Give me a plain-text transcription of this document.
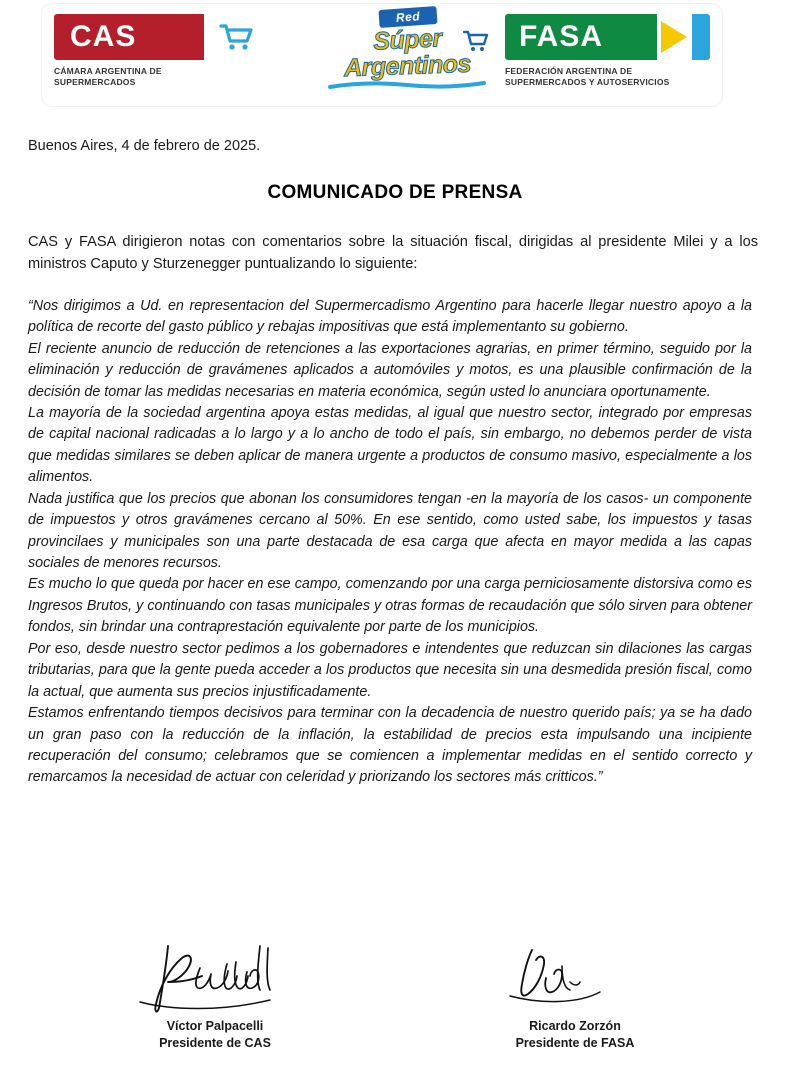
CAS
CÁMARA ARGENTINA DE
SUPERMERCADOS
Red
Súper
Argentinos
FASA
FEDERACIÓN ARGENTINA DE
SUPERMERCADOS Y AUTOSERVICIOS
Buenos Aires, 4 de febrero de 2025.
COMUNICADO DE PRENSA
CAS y FASA dirigieron notas con comentarios sobre la situación fiscal, dirigidas al presidente Milei y a los ministros Caputo y Sturzenegger puntualizando lo siguiente:

“Nos dirigimos a Ud. en representacion del Supermercadismo Argentino para hacerle llegar nuestro apoyo a la política de recorte del gasto público y rebajas impositivas que está implementanto su gobierno.

El reciente anuncio de reducción de retenciones a las exportaciones agrarias, en primer término, seguido por la eliminación y reducción de gravámenes aplicados a automóviles y motos, es una plausible confirmación de la decisión de tomar las medidas necesarias en materia económica, según usted lo anunciara oportunamente.

La mayoría de la sociedad argentina apoya estas medidas, al igual que nuestro sector, integrado por empresas de capital nacional radicadas a lo largo y a lo ancho de todo el país, sin embargo, no debemos perder de vista que medidas similares se deben aplicar de manera urgente a productos de consumo masivo, especialmente a los alimentos.

Nada justifica que los precios que abonan los consumidores tengan -en la mayoría de los casos- un componente de impuestos y otros gravámenes cercano al 50%. En ese sentido, como usted sabe, los impuestos y tasas provincilaes y municipales son una parte destacada de esa carga que afecta en mayor medida a las capas sociales de menores recursos.

Es mucho lo que queda por hacer en ese campo, comenzando por una carga perniciosamente distorsiva como es Ingresos Brutos, y continuando con tasas municipales y otras formas de recaudación que sólo sirven para obtener fondos, sin brindar una contraprestación equivalente por parte de los municipios.

Por eso, desde nuestro sector pedimos a los gobernadores e intendentes que reduzcan sin dilaciones las cargas tributarias, para que la gente pueda acceder a los productos que necesita sin una desmedida presión fiscal, como la actual, que aumenta sus precios injustificadamente.

Estamos enfrentando tiempos decisivos para terminar con la decadencia de nuestro querido país; ya se ha dado un gran paso con la reducción de la inflación, la estabilidad de precios esta impulsando una incipiente recuperación del consumo; celebramos que se comiencen a implementar medidas en el sentido correcto y remarcamos la necesidad de actuar con celeridad y priorizando los sectores más critticos.”

Víctor Palpacelli
Presidente de CAS
Ricardo Zorzón
Presidente de FASA
